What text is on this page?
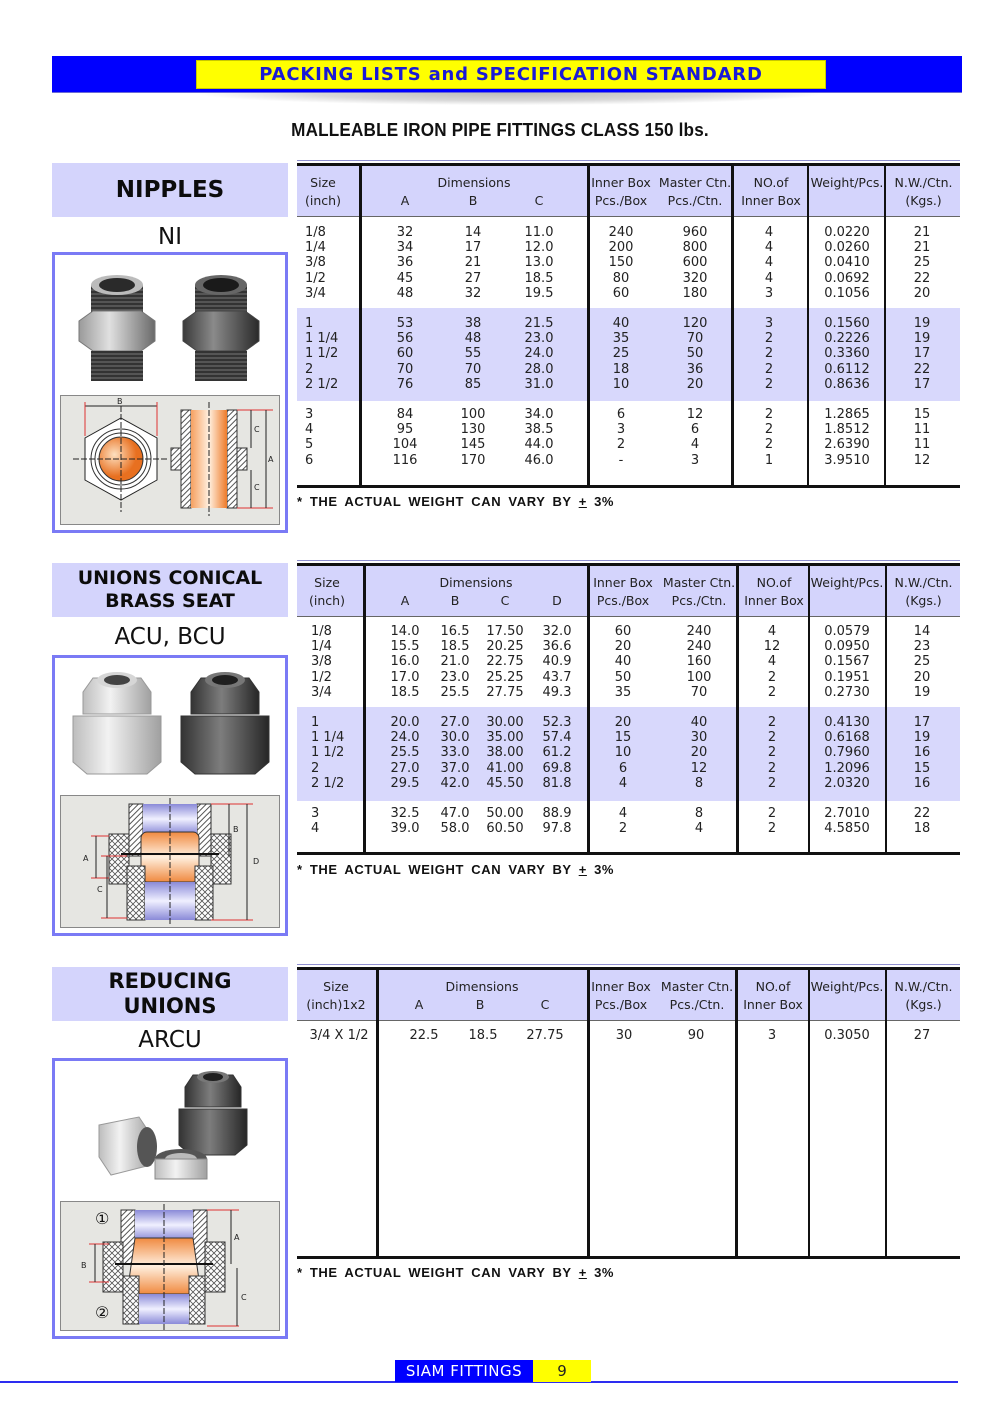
PACKING LISTS and SPECIFICATION STANDARD
MALLEABLE IRON PIPE FITTINGS CLASS 150 lbs.
NIPPLES
NI
B
C
A
C
Size
(inch)
Dimensions
A	B	C
Inner Box
Pcs./Box
Master Ctn.
Pcs./Ctn.
NO.of
Inner Box
Weight/Pcs. N.W./Ctn.
(Kgs.)
1/8	32	14	11.0	240	960	4	0.0220	21
1/4	34	17	12.0	200	800	4	0.0260	21
3/8	36	21	13.0	150	600	4	0.0410	25
1/2	45	27	18.5	80	320	4	0.0692	22
3/4	48	32	19.5	60	180	3	0.1056	20
1	53	38	21.5	40	120	3	0.1560	19
1 1/4	56	48	23.0	35	70	2	0.2226	19
1 1/2	60	55	24.0	25	50	2	0.3360	17
2	70	70	28.0	18	36	2	0.6112	22
2 1/2	76	85	31.0	10	20	2	0.8636	17
3	84	100	34.0	6	12	2	1.2865	15
4	95	130	38.5	3	6	2	1.8512	11
5	104	145	44.0	2	4	2	2.6390	11
6	116	170	46.0	-	3	1	3.9510	12
* THE ACTUAL WEIGHT CAN VARY BY + 3%
UNIONS CONICAL
BRASS SEAT
ACU, BCU
A
C
B
D
Size
(inch)
Dimensions
A	B	C	D
Inner Box
Pcs./Box
Master Ctn.
Pcs./Ctn.
NO.of
Inner Box
Weight/Pcs. N.W./Ctn.
(Kgs.)
1/8	14.0	16.5	17.50	32.0	60	240	4	0.0579	14
1/4	15.5	18.5	20.25	36.6	20	240	12	0.0950	23
3/8	16.0	21.0	22.75	40.9	40	160	4	0.1567	25
1/2	17.0	23.0	25.25	43.7	50	100	2	0.1951	20
3/4	18.5	25.5	27.75	49.3	35	70	2	0.2730	19
1	20.0	27.0	30.00	52.3	20	40	2	0.4130	17
1 1/4	24.0	30.0	35.00	57.4	15	30	2	0.6168	19
1 1/2	25.5	33.0	38.00	61.2	10	20	2	0.7960	16
2	27.0	37.0	41.00	69.8	6	12	2	1.2096	15
2 1/2	29.5	42.0	45.50	81.8	4	8	2	2.0320	16
3	32.5	47.0	50.00	88.9	4	8	2	2.7010	22
4	39.0	58.0	60.50	97.8	2	4	2	4.5850	18
* THE ACTUAL WEIGHT CAN VARY BY + 3%
REDUCING
UNIONS
ARCU
①
②
B
A
C
Size
(inch)1x2
Dimensions
A	B	C
Inner Box
Pcs./Box
Master Ctn.
Pcs./Ctn.
NO.of
Inner Box
Weight/Pcs. N.W./Ctn.
(Kgs.)
3/4 X 1/2	22.5	18.5	27.75	30	90	3	0.3050	27
* THE ACTUAL WEIGHT CAN VARY BY + 3%
SIAM FITTINGS	9
